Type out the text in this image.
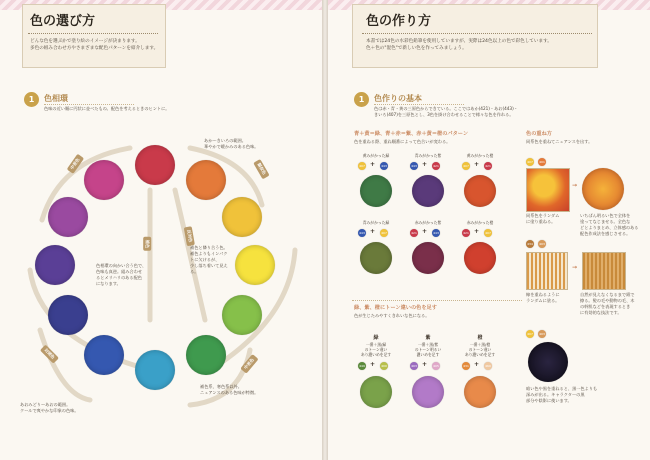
色の選び方
どんな色を選ぶかで塗り絵のイメージが決まります。
多色の組み合わせ方やさまざまな配色パターンを紹介します。
1	色相環
色味の近い順に円状に並べたもの。配色を考えるときのヒントに。
中差色	類似色
補色
反対色
対照色
中差色
あか～きいろの範囲。
華やかで暖かみのある色味。
色相環の向かい合う色で、
色味も真逆。組み合わせ
るとメリハリのある配色
になります。
補色と隣り合う色。
補色よりもインパク
トに欠けるが、
少し落ち着いて見え
る。
あおみどり～あおの範囲。
クールで爽やかな印象の色味。
補色系、寒色系以外。
ニュアンスのある色味が特徴。
色の作り方
本書では24色の水彩色鉛筆を使用していますが、実際は24色以上の色で彩色しています。
色＋色の"混色"で新しい色を作ってみましょう。
1	色作りの基本
色は赤・青・黄の三原色からできている。ここではあか(421)・あお(443)・
きいろ(407)を三原色とし、3色を掛け合わせることで様々な色を作れる。
青＋黄＝緑、青＋赤＝紫、赤＋黄＝橙のパターン
色を重ねる際、重ね順番によって色合いが変わる。
黄みがかった緑	青みがかった紫	黄みがかった橙
407 +	443	443 +	421	407 +	421
青みがかった緑	赤みがかった紫	赤みがかった橙
443 +	407	421 +	443	421 +	407
緑、紫、橙にトーン違いの色を足す
色が生じたみやすくきれいな色になる。
緑	紫	橙
一番＋黒/緑
のトーン違い
あり濃いめを足す
一番＋黒/紫
のトーン明るい
濃いめを足す
一番＋黒/橙
のトーン違い
あり濃いめを足す
449 +	400	403 +	405	431 +	460
色の重ね方
同系色を重ねてニュアンスを出す。
→
同系色をランダム
に塗り重ねる。
いちばん明るい色で全体を
塗ってなじませる。全色な
どとよりまとめ、立体感のある
配色作成法を感じさせる。
407	401
434	403
→
線を重ねるように
ランダムに塗る。
自然が見えなくなるまで紙で
擦る。髪の毛や動物の毛、木
の幹肌などを表現するとき
に有効的な技法です。
407	403
暗い色や黒を重ねると、黒一色よりも
深みが出る。キャラクターの黒
部分や陰影に使います。
